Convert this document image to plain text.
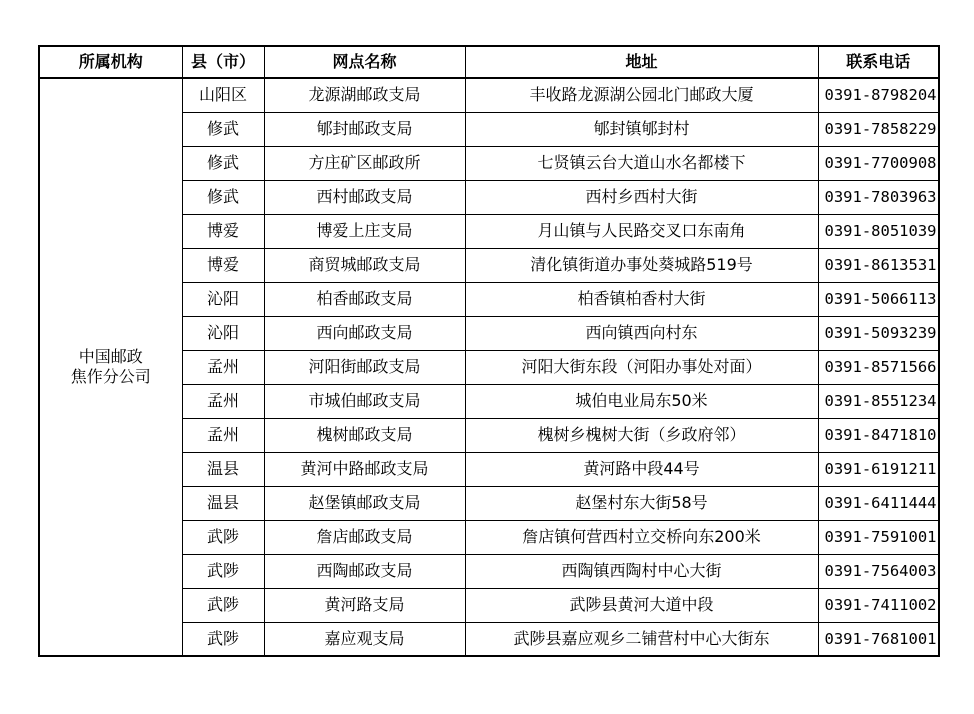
所属机构	县（市）	网点名称	地址	联系电话

中国邮政
焦作分公司	山阳区	龙源湖邮政支局	丰收路龙源湖公园北门邮政大厦	0391-8798204
	修武	郇封邮政支局	郇封镇郇封村	0391-7858229
	修武	方庄矿区邮政所	七贤镇云台大道山水名都楼下	0391-7700908
	修武	西村邮政支局	西村乡西村大街	0391-7803963
	博爱	博爱上庄支局	月山镇与人民路交叉口东南角	0391-8051039
	博爱	商贸城邮政支局	清化镇街道办事处葵城路519号	0391-8613531
	沁阳	柏香邮政支局	柏香镇柏香村大街	0391-5066113
	沁阳	西向邮政支局	西向镇西向村东	0391-5093239
	孟州	河阳街邮政支局	河阳大街东段（河阳办事处对面）	0391-8571566
	孟州	市城伯邮政支局	城伯电业局东50米	0391-8551234
	孟州	槐树邮政支局	槐树乡槐树大街（乡政府邻）	0391-8471810
	温县	黄河中路邮政支局	黄河路中段44号	0391-6191211
	温县	赵堡镇邮政支局	赵堡村东大街58号	0391-6411444
	武陟	詹店邮政支局	詹店镇何营西村立交桥向东200米	0391-7591001
	武陟	西陶邮政支局	西陶镇西陶村中心大街	0391-7564003
	武陟	黄河路支局	武陟县黄河大道中段	0391-7411002
	武陟	嘉应观支局	武陟县嘉应观乡二铺营村中心大街东	0391-7681001
